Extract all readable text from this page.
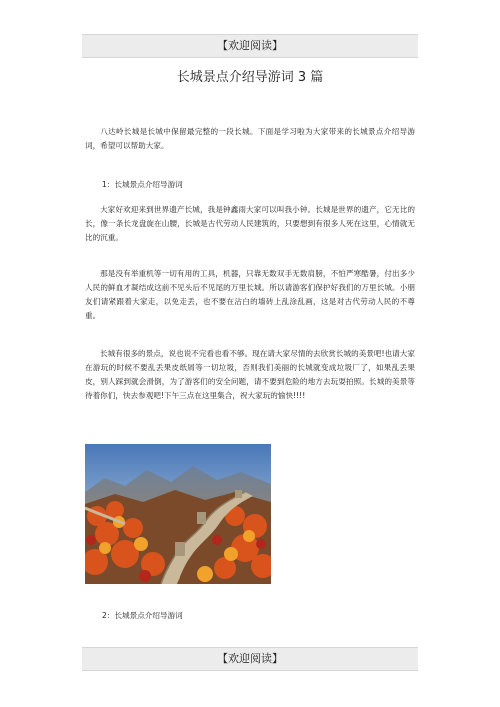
【欢迎阅读】
长城景点介绍导游词 3 篇
八达岭长城是长城中保留最完整的一段长城。下面是学习啦为大家带来的长城景点介绍导游词，希望可以帮助大家。
1：长城景点介绍导游词
大家好欢迎来到世界遗产长城，我是钟鑫雨大家可以叫我小钟。长城是世界的遗产，它无比的长，像一条长龙盘旋在山腰，长城是古代劳动人民建筑的，只要想到有很多人死在这里，心情就无比的沉重。
那是没有举重机等一切有用的工具，机器，只靠无数双手无数肩膀，不怕严寒酷暑，付出多少人民的鲜血才凝结成这前不见头后不见尾的万里长城。所以请游客们保护好我们的万里长城。小朋友们请紧跟着大家走，以免走丢，也不要在沾白的墙砖上乱涂乱画，这是对古代劳动人民的不尊重。
长城有很多的景点，说也说不完看也看不够。现在请大家尽情的去欣赏长城的美景吧!也请大家在游玩的时候不要乱丢果皮纸屑等一切垃圾，否则我们美丽的长城就变成垃圾厂了，如果乱丢果皮，别人踩到就会滑倒，为了游客们的安全问题，请不要到危险的地方去玩耍拍照。长城的美景等待着你们，快去参观吧!下午三点在这里集合，祝大家玩的愉快!!!!
2：长城景点介绍导游词
【欢迎阅读】
